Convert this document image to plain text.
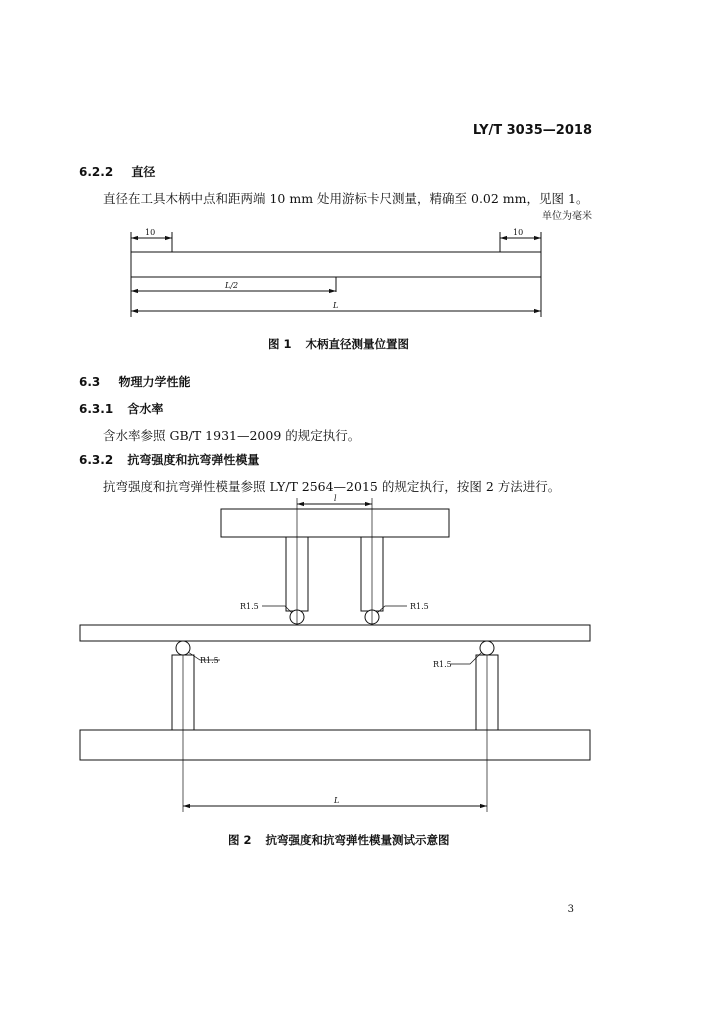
LY/T 3035—2018
6.2.2 直径
直径在工具木柄中点和距两端 10 mm 处用游标卡尺测量，精确至 0.02 mm，见图 1。
单位为毫米
10	10
L/2
L
图 1 木柄直径测量位置图
6.3 物理力学性能
6.3.1 含水率
含水率参照 GB/T 1931—2009 的规定执行。
6.3.2 抗弯强度和抗弯弹性模量
抗弯强度和抗弯弹性模量参照 LY/T 2564—2015 的规定执行，按图 2 方法进行。
l
R1.5	R1.5
R1.5	R1.5
L
图 2 抗弯强度和抗弯弹性模量测试示意图
3
